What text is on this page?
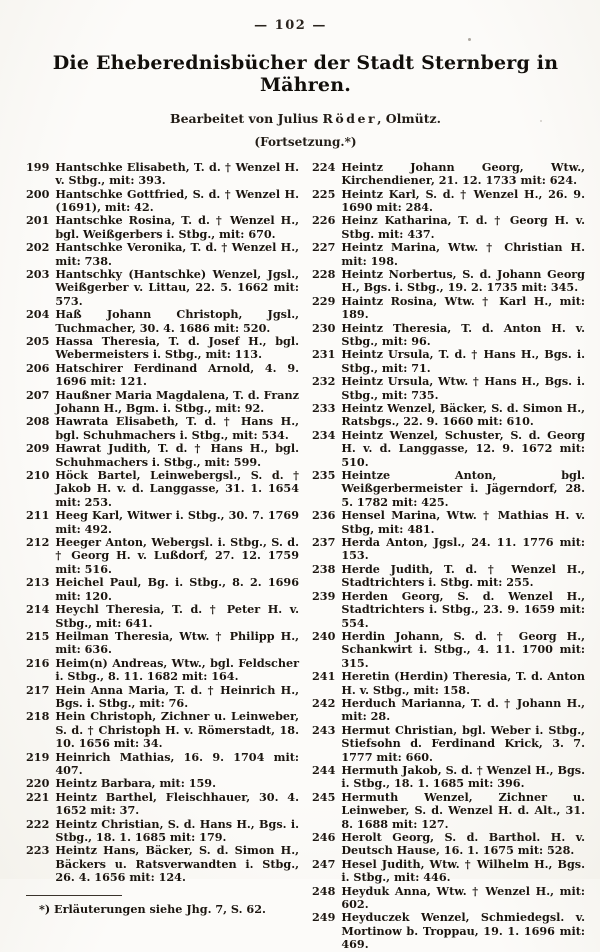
— 102 —
Die Eheberednisbücher der Stadt Sternberg in Mähren.
Bearbeitet von Julius Röder, Olmütz.
(Fortsetzung.*)
199 Hantschke Elisabeth, T. d. † Wenzel H. v. Stbg., mit: 393.
200 Hantschke Gottfried, S. d. † Wenzel H. (1691), mit: 42.
201 Hantschke Rosina, T. d. † Wenzel H., bgl. Weißgerbers i. Stbg., mit: 670.
202 Hantschke Veronika, T. d. † Wenzel H., mit: 738.
203 Hantschky (Hantschke) Wenzel, Jgsl., Weißgerber v. Littau, 22. 5. 1662 mit: 573.
204 Haß Johann Christoph, Jgsl., Tuchmacher, 30. 4. 1686 mit: 520.
205 Hassa Theresia, T. d. Josef H., bgl. Webermeisters i. Stbg., mit: 113.
206 Hatschirer Ferdinand Arnold, 4. 9. 1696 mit: 121.
207 Haußner Maria Magdalena, T. d. Franz Johann H., Bgm. i. Stbg., mit: 92.
208 Hawrata Elisabeth, T. d. † Hans H., bgl. Schuhmachers i. Stbg., mit: 534.
209 Hawrat Judith, T. d. † Hans H., bgl. Schuhmachers i. Stbg., mit: 599.
210 Höck Bartel, Leinwebergsl., S. d. † Jakob H. v. d. Langgasse, 31. 1. 1654 mit: 253.
211 Heeg Karl, Witwer i. Stbg., 30. 7. 1769 mit: 492.
212 Heeger Anton, Webergsl. i. Stbg., S. d. † Georg H. v. Lußdorf, 27. 12. 1759 mit: 516.
213 Heichel Paul, Bg. i. Stbg., 8. 2. 1696 mit: 120.
214 Heychl Theresia, T. d. † Peter H. v. Stbg., mit: 641.
215 Heilman Theresia, Wtw. † Philipp H., mit: 636.
216 Heim(n) Andreas, Wtw., bgl. Feldscher i. Stbg., 8. 11. 1682 mit: 164.
217 Hein Anna Maria, T. d. † Heinrich H., Bgs. i. Stbg., mit: 76.
218 Hein Christoph, Zichner u. Leinweber, S. d. † Christoph H. v. Römerstadt, 18. 10. 1656 mit: 34.
219 Heinrich Mathias, 16. 9. 1704 mit: 407.
220 Heintz Barbara, mit: 159.
221 Heintz Barthel, Fleischhauer, 30. 4. 1652 mit: 37.
222 Heintz Christian, S. d. Hans H., Bgs. i. Stbg., 18. 1. 1685 mit: 179.
223 Heintz Hans, Bäcker, S. d. Simon H., Bäckers u. Ratsverwandten i. Stbg., 26. 4. 1656 mit: 124.
*) Erläuterungen siehe Jhg. 7, S. 62.
224 Heintz Johann Georg, Wtw., Kirchendiener, 21. 12. 1733 mit: 624.
225 Heintz Karl, S. d. † Wenzel H., 26. 9. 1690 mit: 284.
226 Heinz Katharina, T. d. † Georg H. v. Stbg. mit: 437.
227 Heintz Marina, Wtw. † Christian H. mit: 198.
228 Heintz Norbertus, S. d. Johann Georg H., Bgs. i. Stbg., 19. 2. 1735 mit: 345.
229 Haintz Rosina, Wtw. † Karl H., mit: 189.
230 Heintz Theresia, T. d. Anton H. v. Stbg., mit: 96.
231 Heintz Ursula, T. d. † Hans H., Bgs. i. Stbg., mit: 71.
232 Heintz Ursula, Wtw. † Hans H., Bgs. i. Stbg., mit: 735.
233 Heintz Wenzel, Bäcker, S. d. Simon H., Ratsbgs., 22. 9. 1660 mit: 610.
234 Heintz Wenzel, Schuster, S. d. Georg H. v. d. Langgasse, 12. 9. 1672 mit: 510.
235 Heintze Anton, bgl. Weißgerbermeister i. Jägerndorf, 28. 5. 1782 mit: 425.
236 Hensel Marina, Wtw. † Mathias H. v. Stbg, mit: 481.
237 Herda Anton, Jgsl., 24. 11. 1776 mit: 153.
238 Herde Judith, T. d. † Wenzel H., Stadtrichters i. Stbg. mit: 255.
239 Herden Georg, S. d. Wenzel H., Stadtrichters i. Stbg., 23. 9. 1659 mit: 554.
240 Herdin Johann, S. d. † Georg H., Schankwirt i. Stbg., 4. 11. 1700 mit: 315.
241 Heretin (Herdin) Theresia, T. d. Anton H. v. Stbg., mit: 158.
242 Herduch Marianna, T. d. † Johann H., mit: 28.
243 Hermut Christian, bgl. Weber i. Stbg., Stiefsohn d. Ferdinand Krick, 3. 7. 1777 mit: 660.
244 Hermuth Jakob, S. d. † Wenzel H., Bgs. i. Stbg., 18. 1. 1685 mit: 396.
245 Hermuth Wenzel, Zichner u. Leinweber, S. d. Wenzel H. d. Alt., 31. 8. 1688 mit: 127.
246 Herolt Georg, S. d. Barthol. H. v. Deutsch Hause, 16. 1. 1675 mit: 528.
247 Hesel Judith, Wtw. † Wilhelm H., Bgs. i. Stbg., mit: 446.
248 Heyduk Anna, Wtw. † Wenzel H., mit: 602.
249 Heyduczek Wenzel, Schmiedegsl. v. Mortinow b. Troppau, 19. 1. 1696 mit: 469.
